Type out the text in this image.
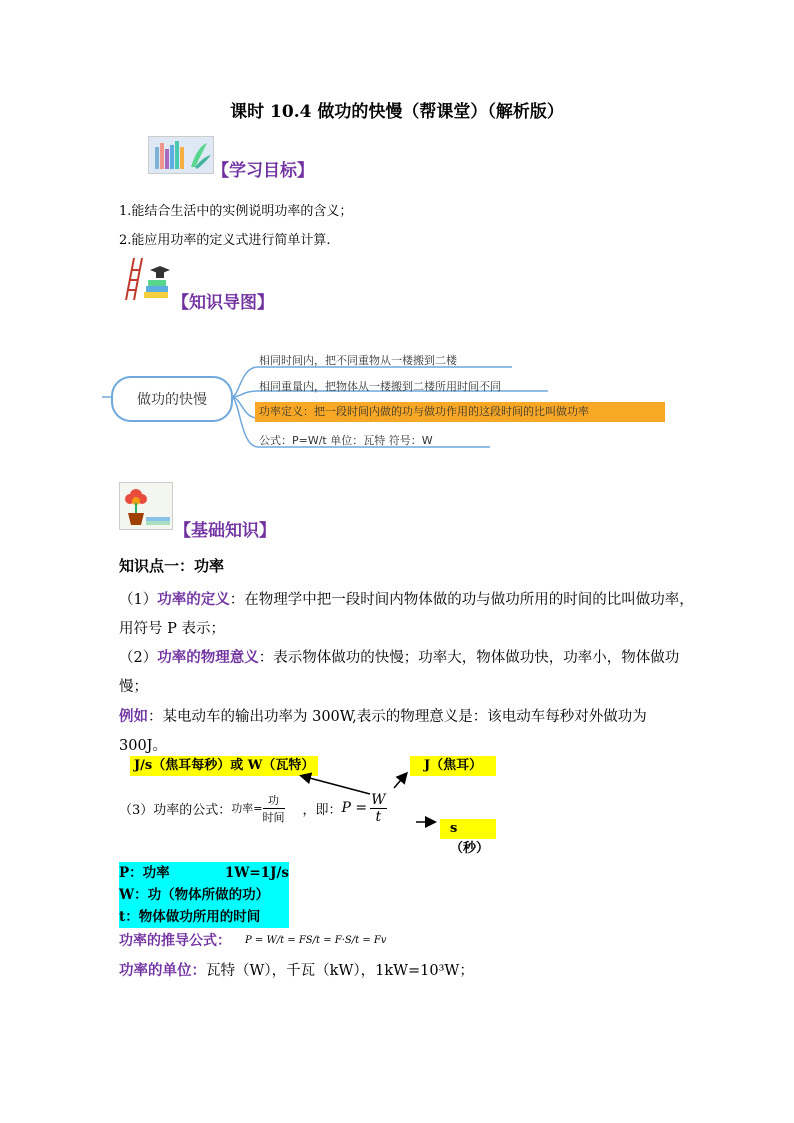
课时 10.4 做功的快慢（帮课堂）（解析版）
【学习目标】
1.能结合生活中的实例说明功率的含义；
2.能应用功率的定义式进行简单计算.
【知识导图】
做功的快慢
相同时间内，把不同重物从一楼搬到二楼
相同重量内，把物体从一楼搬到二楼所用时间不同
功率定义：把一段时间内做的功与做功作用的这段时间的比叫做功率
公式：P=W/t 单位：瓦特 符号：W
【基础知识】
知识点一：功率
（1）功率的定义：在物理学中把一段时间内物体做的功与做功所用的时间的比叫做功率，用符号 P 表示；
（2）功率的物理意义：表示物体做功的快慢；功率大，物体做功快，功率小，物体做功慢；
例如：某电动车的输出功率为 300W,表示的物理意义是：该电动车每秒对外做功为 300J。
J/s（焦耳每秒）或 W（瓦特）	J（焦耳）
s（秒）
（3）功率的公式： 功率= $\frac{\text{功}}{\text{时间}}$ ，即： $P = \frac{W}{t}$
P：功率	1W=1J/s
W：功（物体所做的功）
t：物体做功所用的时间
功率的推导公式： P = W/t = FS/t = F·S/t = Fv
功率的单位：瓦特（W），千瓦（kW），1kW=10³W；
